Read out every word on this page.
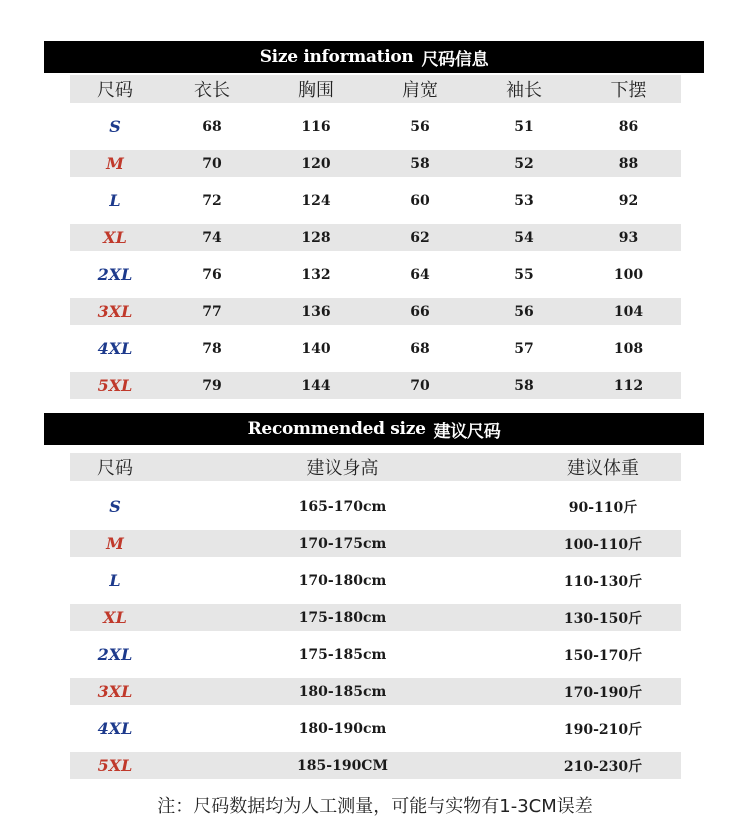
Size information 尺码信息
尺码	衣长	胸围	肩宽	袖长	下摆
S	68	116	56	51	86
M	70	120	58	52	88
L	72	124	60	53	92
XL	74	128	62	54	93
2XL	76	132	64	55	100
3XL	77	136	66	56	104
4XL	78	140	68	57	108
5XL	79	144	70	58	112
Recommended size 建议尺码
尺码	建议身高	建议体重
S	165-170cm	90-110斤
M	170-175cm	100-110斤
L	170-180cm	110-130斤
XL	175-180cm	130-150斤
2XL	175-185cm	150-170斤
3XL	180-185cm	170-190斤
4XL	180-190cm	190-210斤
5XL	185-190CM	210-230斤
注：尺码数据均为人工测量，可能与实物有1-3CM误差
